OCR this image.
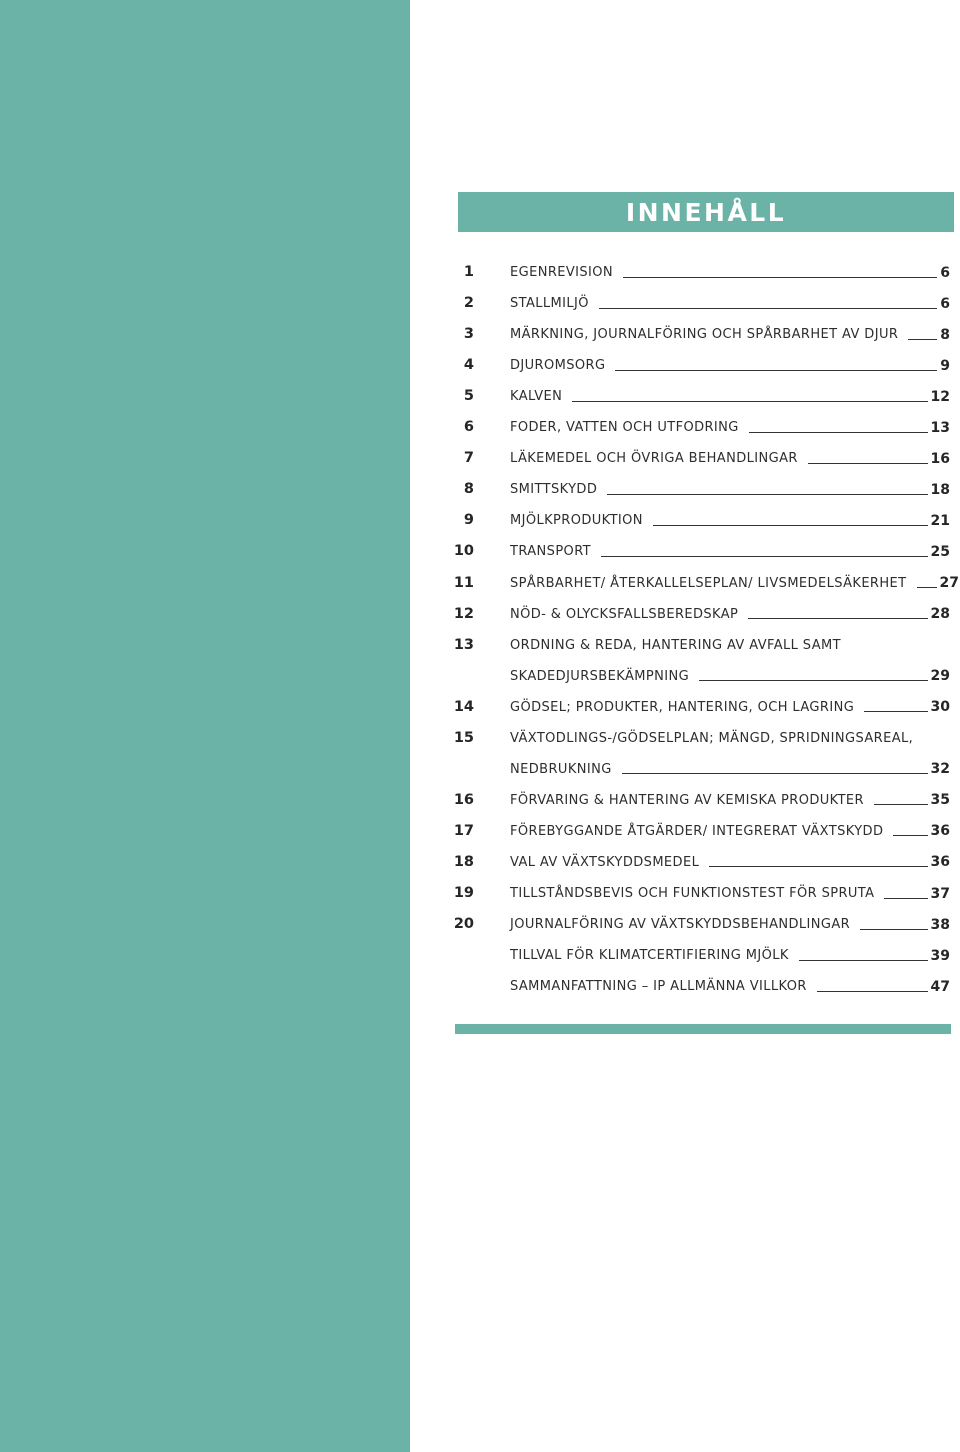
INNEHÅLL
1	EGENREVISION	6
2	STALLMILJÖ	6
3	MÄRKNING, JOURNALFÖRING OCH SPÅRBARHET AV DJUR	8
4	DJUROMSORG	9
5	KALVEN	12
6	FODER, VATTEN OCH UTFODRING	13
7	LÄKEMEDEL OCH ÖVRIGA BEHANDLINGAR	16
8	SMITTSKYDD	18
9	MJÖLKPRODUKTION	21
10	TRANSPORT	25
11	SPÅRBARHET/ ÅTERKALLELSEPLAN/ LIVSMEDELSÄKERHET 27
12	NÖD- & OLYCKSFALLSBEREDSKAP	28
13	ORDNING & REDA, HANTERING AV AVFALL SAMT
SKADEDJURSBEKÄMPNING	29
14	GÖDSEL; PRODUKTER, HANTERING, OCH LAGRING	30
15	VÄXTODLINGS-/GÖDSELPLAN; MÄNGD, SPRIDNINGSAREAL,
NEDBRUKNING	32
16	FÖRVARING & HANTERING AV KEMISKA PRODUKTER	35
17	FÖREBYGGANDE ÅTGÄRDER/ INTEGRERAT VÄXTSKYDD	36
18	VAL AV VÄXTSKYDDSMEDEL	36
19	TILLSTÅNDSBEVIS OCH FUNKTIONSTEST FÖR SPRUTA	37
20	JOURNALFÖRING AV VÄXTSKYDDSBEHANDLINGAR	38
TILLVAL FÖR KLIMATCERTIFIERING MJÖLK	39
SAMMANFATTNING – IP ALLMÄNNA VILLKOR	47
